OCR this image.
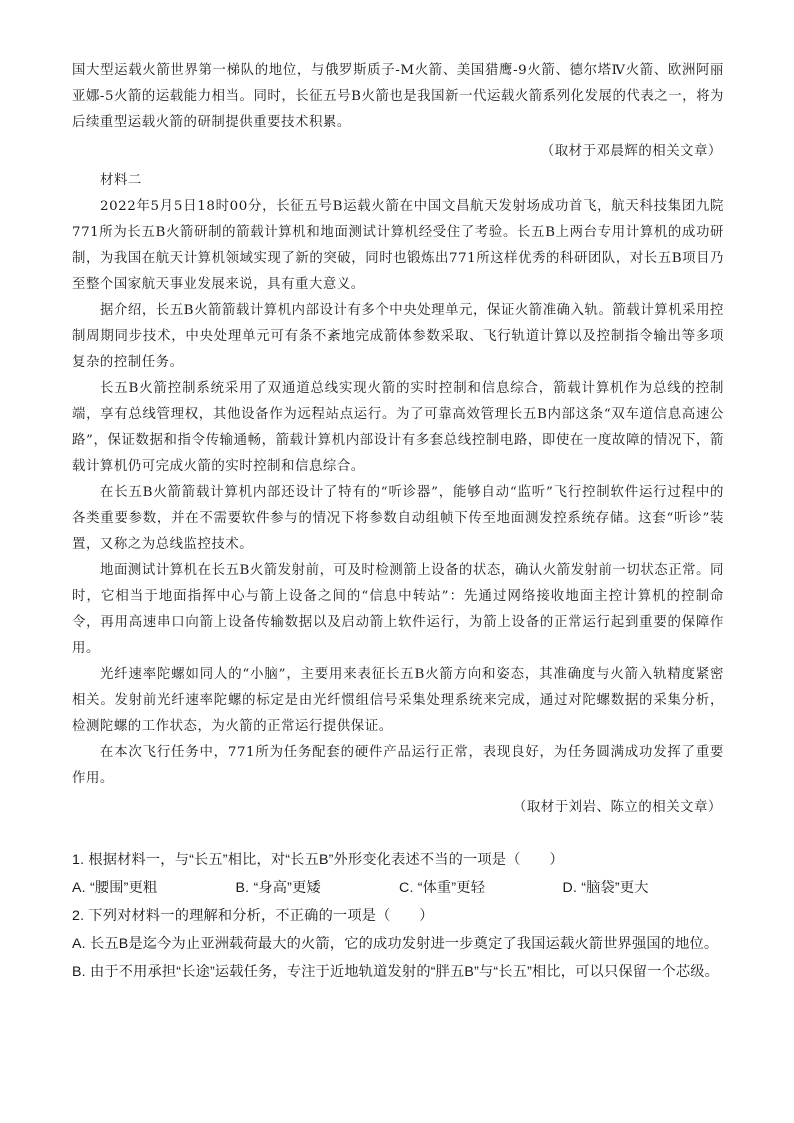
国大型运载火箭世界第一梯队的地位，与俄罗斯质子-M火箭、美国猎鹰-9火箭、德尔塔Ⅳ火箭、欧洲阿丽亚娜-5火箭的运载能力相当。同时，长征五号B火箭也是我国新一代运载火箭系列化发展的代表之一，将为后续重型运载火箭的研制提供重要技术积累。

（取材于邓晨辉的相关文章）

材料二

2022年5月5日18时00分，长征五号B运载火箭在中国文昌航天发射场成功首飞，航天科技集团九院771所为长五B火箭研制的箭载计算机和地面测试计算机经受住了考验。长五B上两台专用计算机的成功研制，为我国在航天计算机领域实现了新的突破，同时也锻炼出771所这样优秀的科研团队，对长五B项目乃至整个国家航天事业发展来说，具有重大意义。

据介绍，长五B火箭箭载计算机内部设计有多个中央处理单元，保证火箭准确入轨。箭载计算机采用控制周期同步技术，中央处理单元可有条不紊地完成箭体参数采取、飞行轨道计算以及控制指令输出等多项复杂的控制任务。

长五B火箭控制系统采用了双通道总线实现火箭的实时控制和信息综合，箭载计算机作为总线的控制端，享有总线管理权，其他设备作为远程站点运行。为了可靠高效管理长五B内部这条“双车道信息高速公路”，保证数据和指令传输通畅，箭载计算机内部设计有多套总线控制电路，即使在一度故障的情况下，箭载计算机仍可完成火箭的实时控制和信息综合。

在长五B火箭箭载计算机内部还设计了特有的“听诊器”，能够自动“监听”飞行控制软件运行过程中的各类重要参数，并在不需要软件参与的情况下将参数自动组帧下传至地面测发控系统存储。这套“听诊”装置，又称之为总线监控技术。

地面测试计算机在长五B火箭发射前，可及时检测箭上设备的状态，确认火箭发射前一切状态正常。同时，它相当于地面指挥中心与箭上设备之间的“信息中转站”：先通过网络接收地面主控计算机的控制命令，再用高速串口向箭上设备传输数据以及启动箭上软件运行，为箭上设备的正常运行起到重要的保障作用。

光纤速率陀螺如同人的“小脑”，主要用来表征长五B火箭方向和姿态，其准确度与火箭入轨精度紧密相关。发射前光纤速率陀螺的标定是由光纤惯组信号采集处理系统来完成，通过对陀螺数据的采集分析，检测陀螺的工作状态，为火箭的正常运行提供保证。

在本次飞行任务中，771所为任务配套的硬件产品运行正常，表现良好，为任务圆满成功发挥了重要作用。

（取材于刘岩、陈立的相关文章）

1. 根据材料一，与“长五”相比，对“长五B”外形变化表述不当的一项是（　　）

A. “腰围”更粗	B. “身高”更矮	C. “体重”更轻	D. “脑袋”更大

2. 下列对材料一的理解和分析，不正确的一项是（　　）

A. 长五B是迄今为止亚洲载荷最大的火箭，它的成功发射进一步奠定了我国运载火箭世界强国的地位。

B. 由于不用承担“长途”运载任务，专注于近地轨道发射的“胖五B”与“长五”相比，可以只保留一个芯级。
